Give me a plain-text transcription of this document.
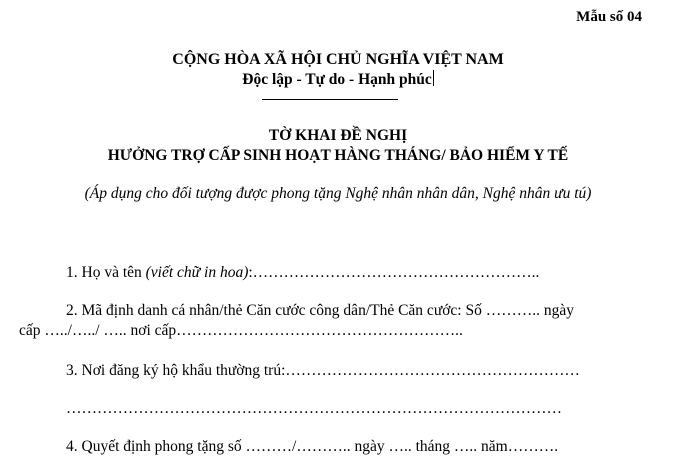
Mẫu số 04
CỘNG HÒA XÃ HỘI CHỦ NGHĨA VIỆT NAM
Độc lập - Tự do - Hạnh phúc
TỜ KHAI ĐỀ NGHỊ
HƯỞNG TRỢ CẤP SINH HOẠT HÀNG THÁNG/ BẢO HIỂM Y TẾ
(Áp dụng cho đối tượng được phong tặng Nghệ nhân nhân dân, Nghệ nhân ưu tú)
1. Họ và tên (viết chữ in hoa):………………………………………………..
2. Mã định danh cá nhân/thẻ Căn cước công dân/Thẻ Căn cước: Số ……….. ngày
cấp …../…../ ….. nơi cấp………………………………………………..
3. Nơi đăng ký hộ khẩu thường trú:…………………………………………………
……………………………………………………………………………………
4. Quyết định phong tặng số ………/……….. ngày ….. tháng ….. năm……….
